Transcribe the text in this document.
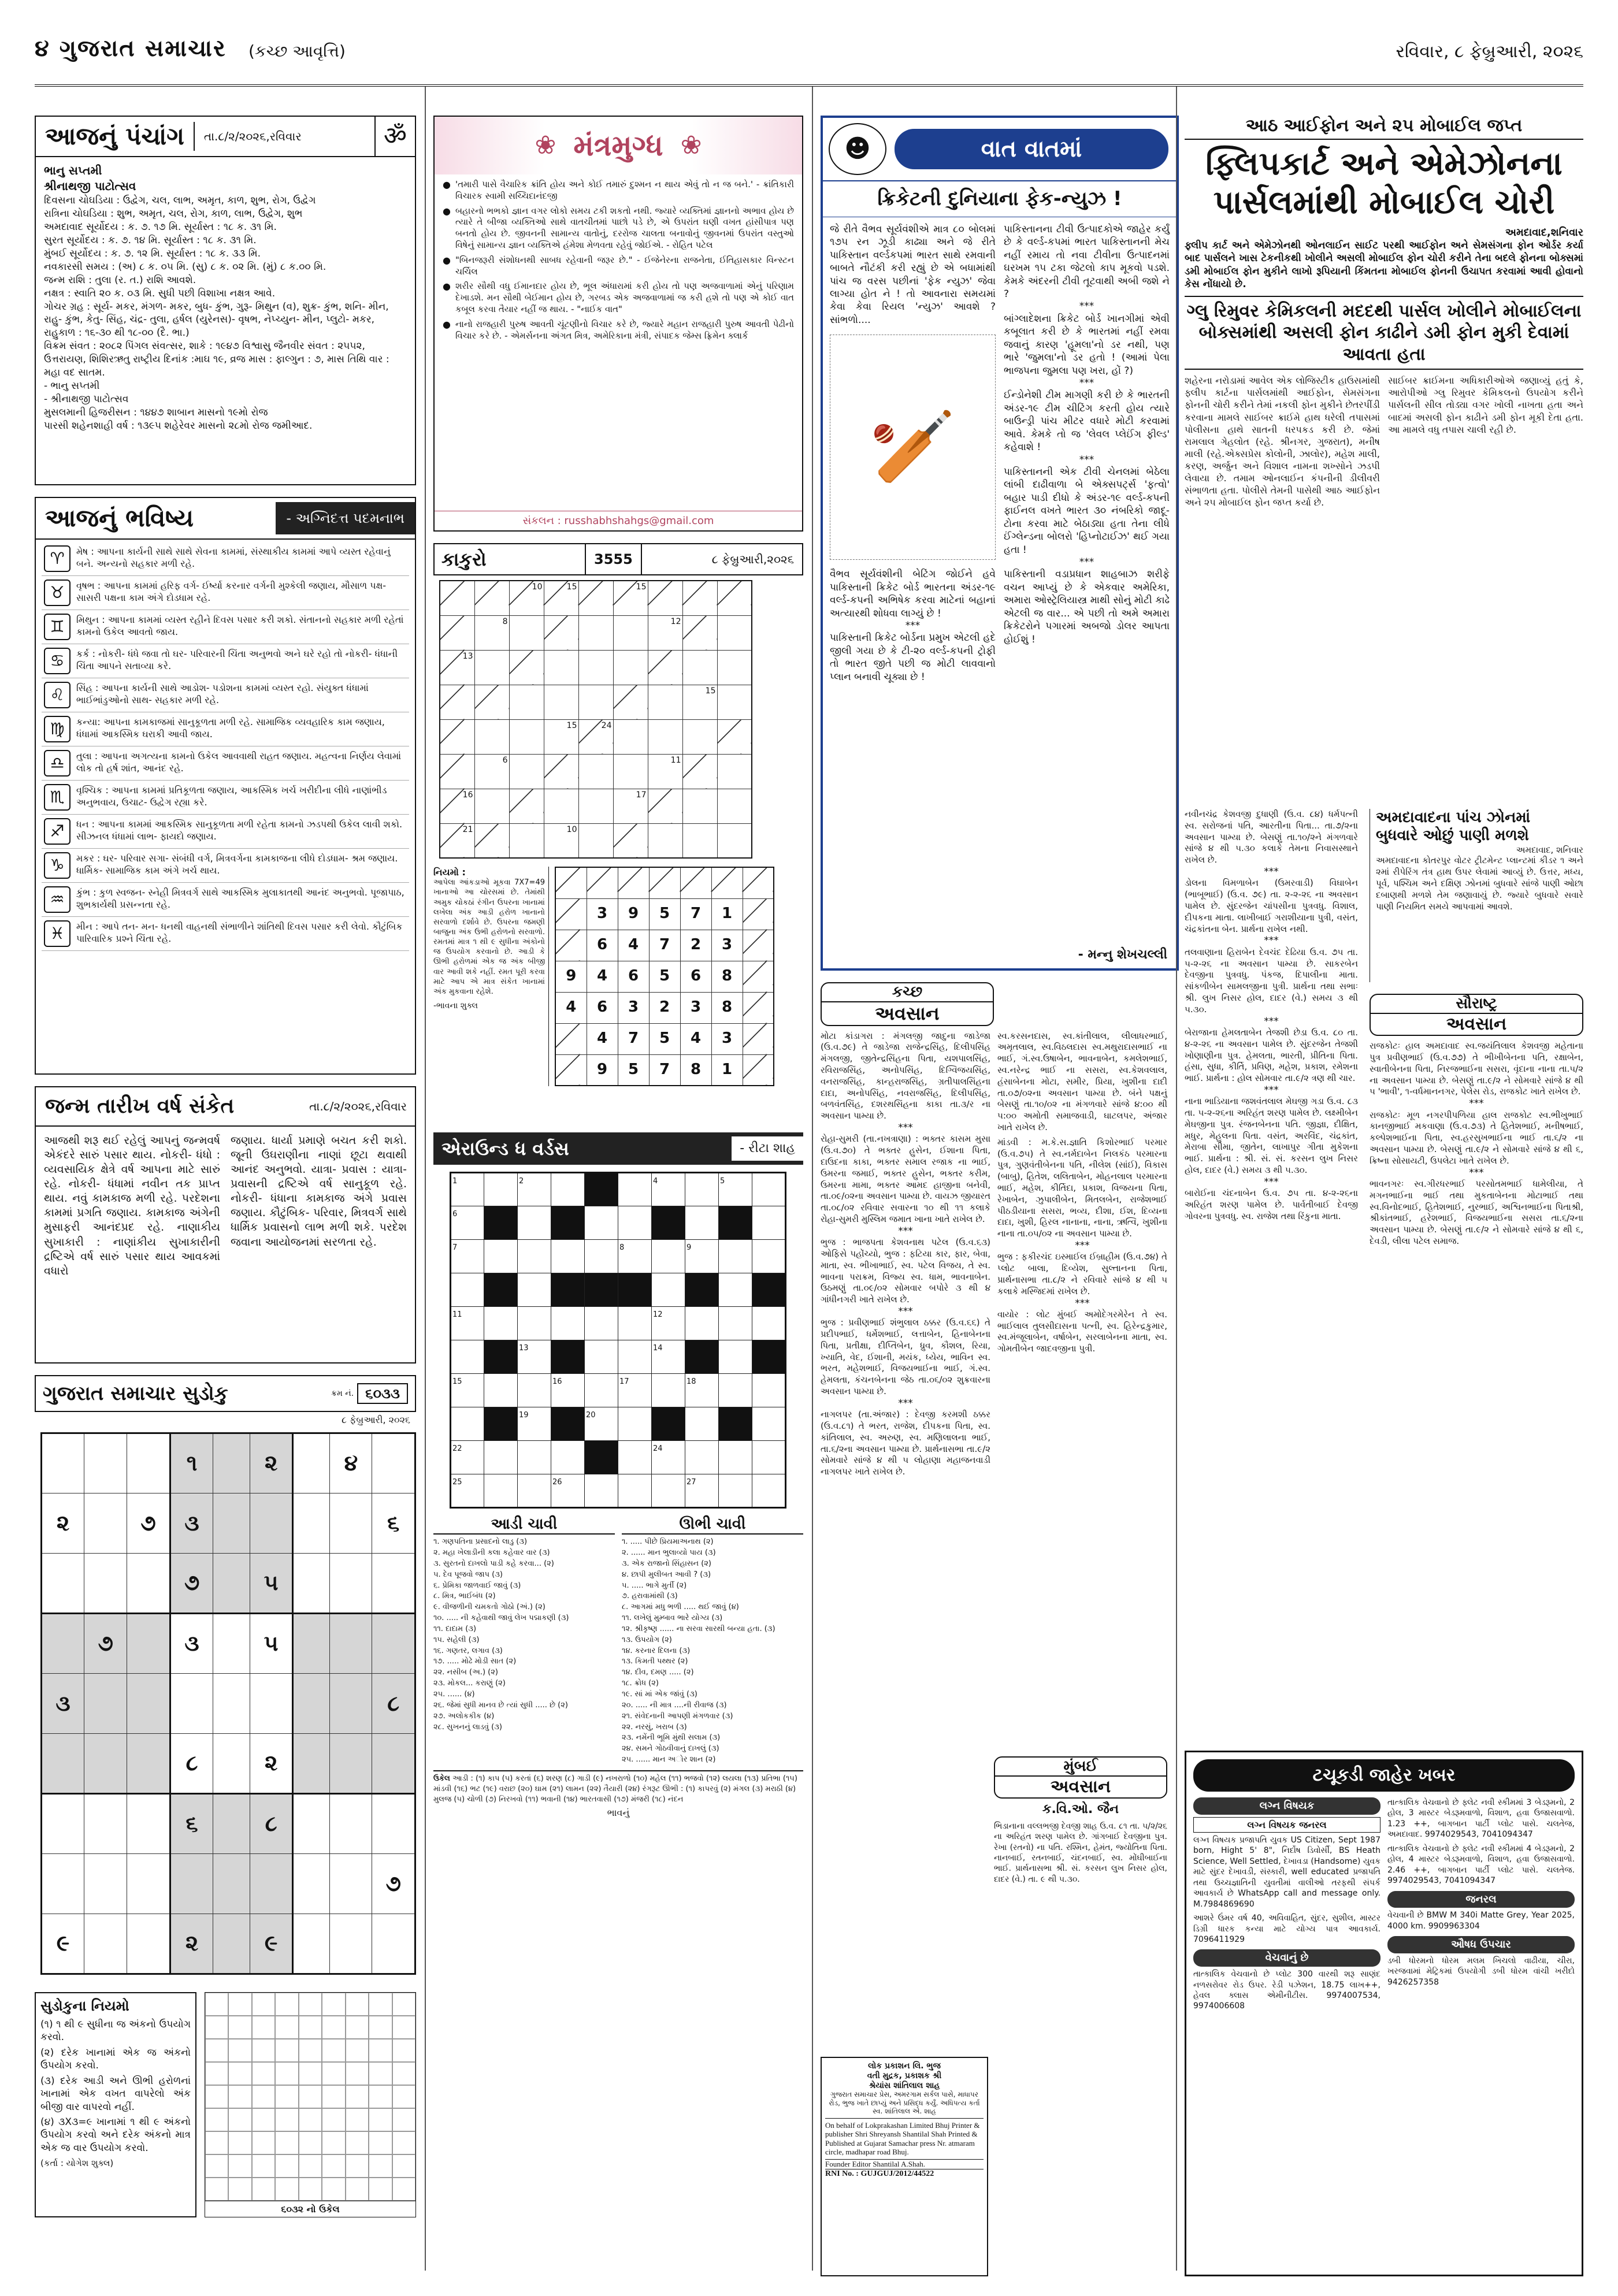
૪ ગુજરાત સમાચાર (કચ્છ આવૃત્તિ)	રવિવાર, ૮ ફેબ્રુઆરી, ૨૦૨૬
આજનું પંચાંગ	તા.૮/૨/૨૦૨૬,રવિવાર	ॐ
ભાનુ સપ્તમી
શ્રીનાથજી પાટોત્સવ
દિવસના ચોઘડિયા : ઉદ્વેગ, ચલ, લાભ, અમૃત, કાળ, શુભ, રોગ, ઉદ્વેગ
રાત્રિના ચોઘડિયા : શુભ, અમૃત, ચલ, રોગ, કાળ, લાભ, ઉદ્વેગ, શુભ
અમદાવાદ સૂર્યોદય : ક. ૭. ૧૭ મિ. સૂર્યાસ્ત : ૧૮ ક. ૩૧ મિ.
સુરત સૂર્યોદય : ક. ૭. ૧૪ મિ. સૂર્યાસ્ત : ૧૮ ક. ૩૧ મિ.
મુંબઈ સૂર્યોદય : ક. ૭. ૧૨ મિ. સૂર્યાસ્ત : ૧૮ ક. ૩૩ મિ.
નવકારસી સમય : (અ) ૮ ક. ૦૫ મિ. (સુ) ૮ ક. ૦૨ મિ. (મું) ૮ ક.૦૦ મિ.
જન્મ રાશિ : તુલા (ર. ત.) રાશિ આવશે.
નક્ષત્ર : સ્વાતિ ૨૦ ક. ૦૩ મિ. સુધી પછી વિશાખા નક્ષત્ર આવે.
ગોચર ગ્રહ : સૂર્ય- મકર, મંગળ- મકર, બુધ- કુંભ, ગુરૂ- મિથુન (વ), શુક્ર- કુંભ, શનિ- મીન, રાહુ- કુંભ, કેતુ- સિંહ, ચંદ્ર- તુલા, હર્ષલ (યુરેનસ)- વૃષભ, નેપ્ચ્યુન- મીન, પ્લુટો- મકર, રાહુકાળ : ૧૬-૩૦ થી ૧૮-૦૦ (દૈ. ભા.)
વિક્રમ સંવત : ૨૦૮૨ પિંગલ સંવત્સર, શાકે : ૧૯૪૭ વિશ્વાસુ જૈનવીર સંવત : ૨૫૫૨, ઉત્તરાયણ, શિશિરઋતુ રાષ્ટ્રીય દિનાંક :માઘ ૧૯, વ્રજ માસ : ફાલ્ગુન : ૭, માસ તિથિ વાર : મહા વદ સાતમ.
- ભાનુ સપ્તમી
- શ્રીનાથજી પાટોત્સવ
મુસલમાની હિજરીસન : ૧૪૪૭ શાબાન માસનો ૧૯મો રોજ
પારસી શહેનશાહી વર્ષ : ૧૩૯૫ શહેરેવર માસનો ૨૮મો રોજ જમીઆદ.
આજનું ભવિષ્ય	- અગ્નિદત્ત પદમનાભ
♈	મેષ : આપના કાર્યની સાથે સાથે સેવના કામમાં, સંસ્થાકીય કામમાં આપે વ્યસ્ત રહેવાનું બને. અન્યનો સહકાર મળી રહે.
♉	વૃષભ : આપના કામમાં હરિફ વર્ગ- ઈર્ષ્યા કરનાર વર્ગની મુશ્કેલી જણાય, મૌસાળ પક્ષ- સાસરી પક્ષના કામ અંગે દોડધામ રહે.
♊	મિથુન : આપના કામમાં વ્યસ્ત રહીને દિવસ પસાર કરી શકો. સંતાનનો સહકાર મળી રહેતાં કામનો ઉકેલ આવતો જાય.
♋	કર્ક : નોકરી- ધંધે જવા તો ઘર- પરિવારની ચિંતા અનુભવો અને ઘરે રહો તો નોકરી- ધંધાની ચિંતા આપને સતાવ્યા કરે.
♌	સિંહ : આપના કાર્યની સાથે આડોશ- પડોશના કામમાં વ્યસ્ત રહો. સંયુક્ત ધંધામાં ભાઈભાંડુઓનો સાથ- સહકાર મળી રહે.
♍	કન્યા: આપના કામકાજમાં સાનુકૂળતા મળી રહે. સામાજિક વ્યવહારિક કામ જણાય, ધંધામાં આકસ્મિક ઘરાકી આવી જાય.
♎	તુલા : આપના અગત્યના કામનો ઉકેલ આવવાથી રાહત જણાય. મહત્વના નિર્ણય લેવામાં લોક તો હર્ષ શાંત, આનંદ રહે.
♏	વૃશ્ચિક : આપના કામમાં પ્રતિકૂળતા જણાય, આકસ્મિક ખર્ચ ખરીદીના લીધે નાણાંભીડ અનુભવાય, ઉચાટ- ઉદ્વેગ રહ્યા કરે.
♐	ધન : આપના કામમાં આકસ્મિક સાનુકૂળતા મળી રહેતા કામનો ઝડપથી ઉકેલ લાવી શકો. સીઝનલ ધંધામાં લાભ- ફાયદો જણાય.
♑	મકર : ઘર- પરિવાર સગા- સંબંધી વર્ગ, મિત્રવર્ગના કામકાજના લીધે દોડધામ- શ્રમ જણાય. ધાર્મિક- સામાજિક કામ અંગે ખર્ચ થાય.
♒	કુંભ : કુળ સ્વજન- સ્નેહી મિત્રવર્ગ સાથે આકસ્મિક મુલાકાતથી આનંદ અનુભવો. પૂજાપાઠ, શુભકાર્યથી પ્રસન્નતા રહે.
♓	મીન : આપે તન- મન- ધનથી વાહનથી સંભાળીને શાંતિથી દિવસ પસાર કરી લેવો. કૌટુંબિક પારિવારિક પ્રશ્ને ચિંતા રહે.
જન્મ તારીખ વર્ષ સંકેત	તા.૮/૨/૨૦૨૬,રવિવાર
આજથી શરૂ થઈ રહેલું આપનું જન્મવર્ષ એકંદરે સારું પસાર થાય. નોકરી- ધંધો : વ્યવસાયિક ક્ષેત્રે વર્ષ આપના માટે સારું રહે. નોકરી- ધંધામાં નવીન તક પ્રાપ્ત થાય. નવું કામકાજ મળી રહે. પરદેશના કામમાં પ્રગતિ જણાય. કામકાજ અંગેની મુસાફરી આનંદપ્રદ રહે. નાણાકીય સુખાકારી : નાણાંકીય સુખાકારીની દ્રષ્ટિએ વર્ષ સારું પસાર થાય આવકમાં વધારો
જણાય. ધાર્યા પ્રમાણે બચત કરી શકો. જૂની ઉઘરાણીના નાણાં છૂટા થવાથી આનંદ અનુભવો. યાત્રા- પ્રવાસ : યાત્રા- પ્રવાસની દ્રષ્ટિએ વર્ષ સાનુકૂળ રહે. નોકરી- ધંધાના કામકાજ અંગે પ્રવાસ જણાય. કૌટુંબિક- પરિવાર, મિત્રવર્ગ સાથે ધાર્મિક પ્રવાસનો લાભ મળી શકે. પરદેશ જવાના આયોજનમાં સરળતા રહે.
ગુજરાત સમાચાર સુડોકુ	ક્રમ નં. ૬૦૩૩
૮ ફેબ્રુઆરી, ૨૦૨૬
			૧		૨		૪	
૨		૭	૩					૬
			૭		૫			
	૭		૩		૫			
૩								૮
			૮		૨			
			૬		૮			
								૭
૯			૨		૯			
સુડોકુના નિયમો
(૧) ૧ થી ૯ સુધીના જ અંકનો ઉપયોગ કરવો.
(૨) દરેક ખાનામાં એક જ અંકનો ઉપયોગ કરવો.
(૩) દરેક આડી અને ઊભી હરોળનાં ખાનામાં એક વખત વાપરેલો અંક બીજી વાર વાપરવો નહીં.
(૪) ૩X૩=૯ ખાનામાં ૧ થી ૯ અંકનો ઉપયોગ કરવો અને દરેક અંકનો માત્ર એક જ વાર ઉપયોગ કરવો.
(કર્તા : યોગેશ શુક્લ)
૬૦૩૨ નો ઉકેલ
❀ મંત્રમુગ્ધ ❀
● 'તમારી પાસે વૈચારિક ક્રાંતિ હોય અને કોઈ તમારું દુશ્મન ન થાય એવું તો ન જ બને.' - ક્રાંતિકારી વિચારક સ્વામી સચ્ચિદાનંદજી
● બહારનો ભભકો જ્ઞાન વગર લોકો સમય ટકી શકતો નથી. જ્યારે વ્યક્તિમાં જ્ઞાનનો અભાવ હોય છે ત્યારે તે બીજા વ્યક્તિઓ સાથે વાતચીતમાં પાછો પડે છે, એ ઉપરાંત ઘણી વખત હાંસીપાત્ર પણ બનતો હોય છે. જીવનની સામાન્ય વાતોનું, દરરોજ ચાલતા બનાવોનું જીવનમાં ઉપરાંત વસ્તુઓ વિષેનું સામાન્ય જ્ઞાન વ્યક્તિએ હંમેશા મેળવતા રહેવું જોઈએ. - રોહિત પટેલ
● "બિનજરૂરી સંશોધનથી સાબધ રહેવાની જરૂર છે." - ઈજેનેરના રાજનેતા, ઈતિહાસકાર વિન્સ્ટન ચર્ચિલ
● શરીર સૌથી વધુ ઈમાનદાર હોય છે, ભૂલ અંધારામાં કરી હોય તો પણ અજવાળામાં એનું પરિણામ દેખાડશે. મન સૌથી બેઈમાન હોય છે, ગરબડ એક અજવાળામાં જ કરી હશે તો પણ એ કોઈ વાત કબૂલ કરવા તૈયાર નહીં જ થાય. - "નાઈક વાત"
● નાનો રાજહારી પુરુષ આવતી ચૂંટણીનો વિચાર કરે છે, જ્યારે મહાન રાજહારી પુરુષ આવતી પેઢીનો વિચાર કરે છે. - એમર્સનના અંગત મિત્ર, અમેરિકાના મંત્રી, સંપાદક જેમ્સ ફ્રિમેન ક્લાર્ક
સંકલન : russhabhshahgs@gmail.com
કાકુરો	3555	૮ ફેબ્રુઆરી,૨૦૨૬

		10	15		15			

	8					12		

13								

							15	

			15	24				

	6					11		

16					17			

21			10					

નિયમો :
આપેલા આંકડાઓ મૂકવા 7X7=49 ખાનાઓ આ ચોરસમાં છે. તેમાંથી અમુક ચોકઠાં રંગીન ઉપરના ખાનામાં લખેલા અંક આડી હરોળ ખાનાનો સરવાળો દર્શાવે છે. ઉપરના જમણી બાજુના અંક ઉભી હરોળનો સરવાળો. રમતમાં માત્ર ૧ થી ૯ સુધીના અંકોનો જ ઉપયોગ કરવાનો છે. આડી કે ઊભી હરોળમાં એક જ અંક બીજી વાર આવી શકે નહીં. રમત પૂરી કરવા માટે આપ એ માત્ર સંકેત ખાનામાં અંક મુકવાના રહેશે.
-ભાવના શુક્લ

	3	9	5	7	1	
	6	4	7	2	3	
9	4	6	5	6	8	
4	6	3	2	3	8	
	4	7	5	4	3	
	9	5	7	8	1	
એરાઉન્ડ ધ વર્ડસ	- રીટા શાહ
1		2				4		5	
6									
7					8		9		

11						12			
		13				14			
15			16		17		18		
		19		20					
22						24			
25			26				27		
આડી ચાવી
૧. ગણપતિના પ્રસાદનો લાડુ (૩)
૨. મહા ખેલાડીની કલા કહેવાર વાર (૩)
૩. સુરતનો દાખલો પાડી કહે કરવા... (૨)
૫. દેવ પૂજવો જાપ (૩)
૬. પ્રેમિકા જાળવાઈ જાવું (૩)
૮. મિત્ર, ભાઈબંધ (૨)
૯. વીજળીની ચમકતો ગોઠો (અં.) (૨)
૧૦. ..... ની કહેવાથી જાવું લેખ પદ્માકણી (૩)
૧૧. દાદામ (૩)
૧૫. સહેલી (૩)
૧૬. ગણતર, લગાવ (૩)
૧૭. ..... મોઢે મોડી સાત (૨)
૨૨. નસીબ (અ.) (૨)
૨૩. મોકલ... કરાણું (૨)
૨૫. ...... (૪)
૨૬. જેમાં સુધી માનવ છે ત્યાં સુધી ..... છે (૨)
૨૭. અલોકકીક (૪)
૨૮. સુખનનું લાડવું (૩)
ઊભી ચાવી
૧. ..... પીછે પ્રિયમાઅનાથ (૨)
૨. ...... માન ભુલાવ્યો પાય (૩)
૩. એક રાજાનો સિંહાસન (૨)
૪. છાપી મુલીબત આવી ? (૩)
૫. ..... ભાગે મુર્તી (૨)
૭. હરાવામાંથી (૩)
૮. આગમાં મધુ ભળી ..... થઈ જાવું (૪)
૧૧. લખેલું મુમ્બાવ ભારે યોગ્ય (૩)
૧૨. શ્રીકૃષ્ણ ...... ના સરવા સારથી બન્યા હતા. (૩)
૧૩. ઉપયોગ (૨)
૧૪. કરનાર દિલના (૩)
૧૩. કિમતી પથ્થર (૨)
૧૪. દીવ, દમણ ..... (૨)
૧૮. ક્રોધ (૨)
૧૯. સાં માં એક જાંવું (૩)
૨૦. ..... ની માત્ર ....ની રીવાજ (૩)
૨૧. સંવેદનાની આપણી મંગળવાર (૩)
૨૨. નરસું, ખરાબ (૩)
૨૩. નમેંની ભૂમિ મુંથી સલામ (૩)
૨૪. સમને ગોઠવીવાનું દાખલું (૩)
૨૫. ...... માન અોર શાન (૨)
ઉકેલ આડી : (૧) કાપ (૫) કરતાં (૬) શરણ (૮) ગાડી (૯) નખરાળો (૧૦) મહેલ (૧૧) ભજવો (૧૨) લયલા (૧૩) પ્રતિભા (૧૫) માંડવી (૧૬) ભટ (૧૯) વરાછ (૨૦) ઘામ (૨૧) લામન (૨૨) તૈયારી (૨૪) રંગરૂટ ઊભી : (૧) કાપરવું (૨) મંગલ (૩) મરાઠી (૪) મુલજ (૫) ચોળી (૭) નિરખવો (૧૧) ભવાની (૧૪) ભારતવાસી (૧૭) મંજરી (૧૮) નંદન
ભાવનું
☻	વાત વાતમાં
ક્રિકેટની દુનિયાના ફેક-ન્યુઝ !
જે રીતે વૈભવ સૂર્યવંશીએ માત્ર ૮૦ બોલમાં ૧૭૫ રન ઝૂડી કાઢ્યા અને જે રીતે પાકિસ્તાન વર્લ્ડકપમાં ભારત સાથે રમવાની બાબતે નૌટંકી કરી રહ્યું છે એ બધામાંથી પાંચ જ વરસ પછીનાં 'ફેક ન્યુઝ' જેવા લાગ્યા હોત ને ! તો આવનારા સમયમાં કેવા કેવા રિયલ 'ન્યુઝ' આવશે ? સાંભળો....
🏏
વૈભવ સૂર્યવંશીની બેટિંગ જોઈને હવે પાકિસ્તાની ક્રિકેટ બોર્ડ ભારતના અંડર-૧૯ વર્લ્ડ-કપની અભિષેક કરવા માટેનાં બહાનાં અત્યારથી શોધવા લાગ્યું છે !
***
પાકિસ્તાની ક્રિકેટ બોર્ડના પ્રમુખ એટલી હદે જીલી ગયા છે કે ટી-૨૦ વર્લ્ડ-કપની ટ્રોફી તો ભારત જીતે પછી જ મોટી લાવવાનો પ્લાન બનાવી ચૂક્યા છે !
પાકિસ્તાનના ટીવી ઉત્પાદકોએ જાહેર કર્યું છે કે વર્લ્ડ-કપમાં ભારત પાકિસ્તાનની મેચ નહીં રમાય તો નવા ટીવીના ઉત્પાદનમાં ઘરખમ ૧૫ ટકા જેટલો કાપ મૂકવો પડશે. કેમકે અંદરની ટીવી તૂટવાથી અબી જશે ને ?
***
બાંગ્લાદેશના ક્રિકેટ બોર્ડ ખાનગીમાં એવી કબૂલાત કરી છે કે ભારતમાં નહીં રમવા જવાનું કારણ 'હૂમલા'નો ડર નથી, પણ ભારે 'જુમલા'નો ડર હતો ! (આમાં પેલા ભાજપના જુમલા પણ ખરા, હોં ?)
***
ઈન્ડોનેશી ટીમ માગણી કરી છે કે ભારતની અંડર-૧૯ ટીમ ચીટિંગ કરતી હોય ત્યારે બાઉન્ડ્રી પાંચ મીટર વધારે મોટી કરવામાં આવે. કેમકે તો જ 'લેવલ પ્લેઈંગ ફીલ્ડ' કહેવાશે !
***
પાકિસ્તાનની એક ટીવી ચેનલમાં બેઠેલા લાંબી દાઢીવાળા બે એક્સપર્ટ્સ 'ફત્વો' બહાર પાડી દીધો કે અંડર-૧૯ વર્લ્ડ-કપની ફાઈનલ વખતે ભારત ૩૦ નંબરિકો જાદૂ-ટોના કરવા માટે બેઠાડ્યા હતા તેના લીધે ઈંગ્લેન્ડના બોલરો 'હિપ્નોટાઈઝ' થઈ ગયા હતા !
***
પાકિસ્તાની વડાપ્રધાન શાહબાઝ શરીફે વચન આપ્યું છે કે એકવાર અમેરિકા, અમારા ઓસ્ટ્રેલિયાસ્ત્ર માથી સોનું મોટી કાઢે એટલી જ વાર... એ પછી તો અમે અમારા ક્રિકેટરોને પગારમાં અબજો ડોલર આપતા હોઈશું !
- મન્નુ શેખચલ્લી
કચ્છ
અવસાન
મોટા કાંડાગરા : મંગલજી જાદુના જાડેજા (ઉ.વ.૭૯) તે જાડેજા રાજેન્દ્રસિંહ, દિલીપસિંહ મંગલજી, જીતેન્દ્રસિંહના પિતા, યશપાલસિંહ, રવિરાજસિંહ, અનોપસિંહ, દિગ્વિજયસિંહ, વનરાજસિંહ, કાન્હરાજસિંહ, ગ્રતીપાલસિંહના દાદા, અનોપસિંહ, નવરાજસિંહ, દિલીપસિંહ, બળવંતસિંહ, દશરથસિંહના કાકા તા.૩/ર ના અવસાન પામ્યા છે.
***
રોહા-સુમરી (તા.નખત્રાણા) : ભક્તર કાસમ મુસા (ઉ.વ.૭૦) તે ભક્તર હુસેન, ઈશાના પિતા, દાઉદના કાકા, ભક્તર સમાલ રજાક ના ભાઈ, ઉમરના જમાઈ, ભક્તર હુસેન, ભક્તર કરીમ, ઉમરના મામા, ભક્તર આમદ હાજીના બનેવી, તા.૦૯/૦૨ના અવસાન પામ્યા છે. વાયઝ જીયારત તા.૦૮/૦૨ રવિવાર સવારના ૧૦ થી ૧૧ કલાકે રોહા-સુમરી મુસ્લિમ જમાત ખાના ખાતે રાખેલ છે.
***
ભુજ : ભાજપતા કેશવનાથ પટેલ (ઉ.વ.૬૩) ઓફિસે પહોંચ્યો, ભુજ : ફટિયા કાર, ફાર, બેવા, માતા, સ્વ. ભીખાભાઈ, સ્વ. પટેલ વિજય, તે સ્વ. ભાવના પરાક્રમ, વિજ્ય સ્વ. ધામ, ભાવનાબેન. ઉઠમણું તા.૦૯/૦૨ સોમવાર બપોરે ૩ થી ૪ ગાંધીનગરી ખાતે રાખેલ છે.
***
ભુજ : પ્રવીણભાઈ શંભુલાલ ઠક્કર (ઉ.વ.૬૬) તે પ્રદીપભાઈ, ધર્મેશભાઈ, લત્તાબેન, હિનાબેનના પિતા, પ્રતીક્ષા, દીપ્તિબેન, ધ્રુવ, કૌશલ, રિયા, ખ્યાતિ, વેદ, ઈશાની, મયંક, ધ્યેય, ભાવિન સ્વ. ભરત, મહેશભાઈ, વિજયભાઈના ભાઈ, ગં.સ્વ. હેમલતા, કંચનબેનના જેઠ તા.૦૬/૦૨ શુક્રવારના અવસાન પામ્યા છે.
***
નાગલપર (તા.અંજાર) : દેવજી કરમશી ઠક્કર (ઉ.વ.૮૧) તે ભરત, રાજેશ, દીપકના પિતા, સ્વ. કાંતિલાલ, સ્વ. અરુણ, સ્વ. મણિલાલના ભાઈ, તા.૬/૨ના અવસાન પામ્યા છે. પ્રાર્થનાસભા તા.૯/૨ સોમવારે સાંજે ૪ થી ૫ લોહાણા મહાજનવાડી નાગલપર ખાતે રાખેલ છે.
સ્વ.કરસનદાસ, સ્વ.કાંતીલાલ, લીલાધરભાઈ, અમૃતલાલ, સ્વ.વિઠલદાસ સ્વ.મથુરાદાસભાઈ ના ભાઈ, ગં.સ્વ.ઉષાબેન, ભાવનાબેન, કમલેશભાઈ, સ્વ.નરેન્દ્ર ભાઈ ના સસરા, સ્વ.કેશવલાલ, હંસાબેનના મોટા, સમીર, પ્રિયા, ખુશીના દાદી તા.૦૭/૦૨ના અવસાન પામ્યા છે. બંને પક્ષનું બેસણું તા.૧૦/૦૨ ના મંગળવારે સાંજે ૪:૦૦ થી ૫:૦૦ અમોતી સમાજવાડી, ઘાટલપર, અંજાર ખાતે રાખેલ છે.
માંડવી : મ.કે.સ.જ્ઞાતિ કિશોરભાઈ પરમાર (ઉ.વ.૭૫) તે સ્વ.નર્મદાબેન નિલકંઠ પરમારના પુત્ર, ગુણવંતીબેનના પતિ, નીલેશ (સાંઈ), વિકાસ (બાબુ), હિતેશ, લલિતાબેન, મોહનલાલ પરમારના ભાઈ, મહેશ, કીર્તિદા, પ્રકાશ, વિજયના પિતા, રેખાબેન, ઝુપાલીબેન, મિતલબેન, રાજેશભાઈ પીઠડીયાના સસરા, ભવ્ય, દીશા, ઈશ, દિવ્યના દાદા, ખુશી, હિરલ નાનાના, નાના, ઋત્વિ, ખુશીના નાના તા.૦૫/૦૨ ના અવસાન પામ્યા છે.
***
ભુજ : ફકીરચંદ ઇસ્માઈલ ઈબ્રાહીમ (ઉ.વ.૭૪) તે પ્લોટ બાલા, દિવ્યેશ, સુલ્તાનના પિતા, પ્રાર્થનાસભા તા.૮/૨ ને રવિવારે સાંજે ૪ થી ૫ કલાકે મસ્જિદમાં રાખેલ છે.
***
વાયોર : લોટ મુંબઈ અમોદેગરમેરેન તે સ્વ. ભાઈલાલ તુલસીદાસના પત્ની, સ્વ. હિરેન્દ્રકુમાર, સ્વ.મંજૂલાબેન, વર્ષાબેન, સરલાબેનના માતા, સ્વ. ગોમતીબેન જાદવજીના પુત્રી.
મુંબઈ
અવસાન
ક.વિ.ઓ. જૈન
ભિડાનાના વલ્લભજી દેવજી શાહ ઉ.વ. ૮૧ તા. ૫/૨/૨૬ ના અરિહંત શરણ પામેલ છે. ગાંગબાઈ દેવજીના પુત્ર. રેખા (રતનો) ના પતિ. રશ્મિન, હેમંત, જ્યોતિના પિતા. નાનબાઈ, રતનબાઈ, ચંદનબાઈ, સ્વ. મોંઘીબાઈના ભાઈ. પ્રાર્થનાસભા શ્રી. સં. કરસન લુખ નિસર હોલ, દાદર (વે.) તા. ૯ થી ૫.૩૦.
લોક પ્રકાશન લિ. ભુજ
વતી મુદ્રક, પ્રકાશક શ્રી
શ્રેયાંસ શાંતિલાલ શાહ
ગુજરાત સમાચાર પ્રેસ, અમરગામ સર્કલ પાસે, માધાપર રોડ, ભુજ ખાતે છાપ્યું અને પ્રસિદ્ધ કર્યું. અધિપત્ય કર્તા સ્વ. શાંતિલાલ એ. શાહ
On behalf of Lokprakashan Limited Bhuj Printer & publisher Shri Shreyansh Shantilal Shah Printed & Published at Gujarat Samachar press Nr. atmaram circle, madhapar road Bhuj.
Founder Editor Shantilal A.Shah.
RNI No. : GUJGUJ/2012/44522
આઠ આઈફોન અને ૨૫ મોબાઈલ જપ્ત
ફ્લિપકાર્ટ અને એમેઝોનના
પાર્સલમાંથી મોબાઈલ ચોરી
અમદાવાદ,શનિવાર
ફ્લીપ કાર્ટ અને એમેઝોનથી ઓનલાઈન સાઈટ પરથી આઈફોન અને સેમસંગના ફોન ઓર્ડર કર્યા બાદ પાર્સલને ખાસ ટેકનીકથી ખોલીને અસલી મોબાઈલ ફોન ચોરી કરીને તેના બદલે ફોનના બોક્સમાં ડમી મોબાઈલ ફોન મુકીને લાખો રૂપિયાની કિંમતના મોબાઈલ ફોનની ઉચાપત કરવામાં આવી હોવાનો કેસ નોંધાયો છે.
ગ્લુ રિમુવર કેમિકલની મદદથી પાર્સલ ખોલીને મોબાઈલના બોક્સમાંથી અસલી ફોન કાઢીને ડમી ફોન મુકી દેવામાં આવતા હતા
શહેરના નરોડામાં આવેલ એક લોજિસ્ટીક હાઉસમાંથી ફ્લીપ કાર્ટના પાર્સલમાંથી આઈફોન, સેમસંગના ફોનની ચોરી કરીને તેમાં નકલી ફોન મુકીને છેતરપીંડી કરવાના મામલે સાઈબર ક્રાઈમે હાથ ધરેલી તપાસમાં પોલીસના હાથે સાતની ધરપકડ કરી છે. જેમાં રામલાલ ગેહલોત (રહે. શ્રીનગર, ગુજરાત), મનીષ માલી (રહે.એક્સપ્રેસ કોલોની, ઝાલોર), મહેશ માલી, કરણ, અર્જુન અને વિશાલ નામના શખ્સોને ઝડપી લેવાયા છે. તમામ ઓનલાઈન કંપનીની ડીલીવરી સંભાળતા હતા. પોલીસે તેમની પાસેથી આઠ આઈફોન અને ૨૫ મોબાઈલ ફોન જપ્ત કર્યા છે.
સાઈબર ક્રાઈમના અધિકારીઓએ જણાવ્યું હતું કે, આરોપીઓ ગ્લુ રિમુવર કેમિકલનો ઉપયોગ કરીને પાર્સલની સીલ તોડ્યા વગર ખોલી નાખતા હતા અને બાદમાં અસલી ફોન કાઢીને ડમી ફોન મૂકી દેતા હતા. આ મામલે વધુ તપાસ ચાલી રહી છે.
અમદાવાદના પાંચ ઝોનમાં
બુધવારે ઓછું પાણી મળશે
અમદાવાદ, શનિવાર
અમદાવાદના કોતરપુર વોટર ટ્રીટમેન્ટ પ્લાન્ટમાં કીડર ૧ અને ૨માં રીપેરિંગ તંત્ર હાથ ઉપર લેવામાં આવ્યું છે. ઉત્તર, મધ્ય, પૂર્વ, પશ્ચિમ અને દક્ષિણ ઝોનમાં બુધવારે સાંજે પાણી ઓછા દબાણથી મળશે તેમ જણાવાયું છે. જ્યારે બુધવારે સવારે પાણી નિયમિત સમયે આપવામાં આવશે.
નવીનચંદ્ર કેશવજી દુધાણી (ઉ.વ. ૮૪) ધર્મપત્ની સ્વ. સરોજનાં પતિ, આરતીના પિતા... તા.૭/૨ના અવસાન પામ્યા છે. બેસણું તા.૧૦/૨ને મંગળવારે સાંજે ૪ થી ૫.૩૦ કલાકે તેમના નિવાસસ્થાને રાખેલ છે.
***
ડોલના વિમળાબેન (ઉમરવાડી) વિઘાબેન (ભાબૂભાઈ) (ઉ.વ. ૭૯) તા. ૨-૨-૨૬ ના અવસાન પામેલ છે. સુંદરજેન ચાંપસીના પુત્રવધુ. વિશાલ, દીપકના માતા. લાખીબાઈ ગરાશીયાના પુત્રી, વસંત, ચંદ્રકાંતના બેન. પ્રાર્થના રાખેલ નથી.
***
તલવાણાના હિરાબેન દેવચંદ દેઢિયા ઉ.વ. ૭૫ તા. ૫-૨-૨૬ ના અવસાન પામ્યા છે. સાકરબેન દેવજીના પુત્રવધુ. પંકજ, દિપાલીના માતા. સાંકળીબેન સામલજીના પુત્રી. પ્રાર્થના તથા સભાઃ શ્રી. લુખ નિસર હોલ, દાદર (વે.) સમય ૩ થી ૫.૩૦.
***
બેરાજાના હેમલતાબેન તેજશી છેડા ઉ.વ. ૮૦ તા. ૪-૨-૨૬ ના અવસાન પામેલ છે. સુંદરજેન તેજશી ખોણાણીના પુત્ર. હેમલતા, ભારતી, પ્રીતિના પિતા. હંસા, સુધા, કીર્તિ, પ્રવિણ, મહેશ, પ્રકાશ, રમેશના ભાઈ. પ્રાર્થના : હોલ સોમવાર તા.૯/૨ ત્રણ થી ચાર.
***
નાના ભાડિયાના જશવંતલાલ મેઘજી ગડા ઉ.વ. ૮૩ તા. ૫-૨-૨૬ના અરિહંત શરણ પામેલ છે. લક્ષ્મીબેન મેઘજીના પુત્ર. રંજનબેનના પતિ. જીજ્ઞા, દીક્ષિત, મધુર, મેહુલના પિતા. વસંત, અરવિંદ, ચંદ્રકાંત, મેરાબા સીમા, જીતેન, લાખાપુર ગીતા મુકેશના ભાઈ. પ્રાર્થના : શ્રી. સં. સં. કરસન લુખ નિસર હોલ, દાદર (વે.) સમય ૩ થી ૫.૩૦.
***
બારોઈના ચંદનાબેન ઉ.વ. ૭૫ તા. ૪-૨-૨૬ના અરિહંત શરણ પામેલ છે. પાર્વતીબાઈ દેવજી ગોવરના પુત્રવધુ. સ્વ. રાજેશ તથા રિંકુના માતા.
સૌરાષ્ટ્ર
અવસાન
રાજકોટઃ હાલ અમદાવાદ સ્વ.જયંતિલાલ કેશવજી મહેતાના પુત્ર પ્રવીણભાઈ (ઉ.વ.૭૭) તે ભીખીબેનના પતિ, રક્ષાબેન, સ્વાતીબેનના પિતા, નિરજભાઈના સસરા, વૃંદાના નાના તા.૫/૨ ના અવસાન પામ્યા છે. બેસણું તા.૯/૨ ને સોમવારે સાંજે ૪ થી ૫ 'ભાવી', ૧-વર્ધમાનનગર, પેલેસ રોડ, રાજકોટ ખાતે રાખેલ છે.
***
રાજકોટઃ મૂળ નગરપીપળિયા હાલ રાજકોટ સ્વ.ભીખુભાઈ કાનજીભાઈ મકવાણા (ઉ.વ.૭૩) તે હિતેશભાઈ, મનીષભાઈ, કલ્પેશભાઈના પિતા, સ્વ.હરસુખભાઈના ભાઈ તા.૬/૨ ના અવસાન પામ્યા છે. બેસણું તા.૯/૨ ને સોમવારે સાંજે ૪ થી ૬, ક્રિષ્ના સોસાયટી, ઉપલેટા ખાતે રાખેલ છે.
***
ભાવનગરઃ સ્વ.ગીરધરભાઈ પરસોતમભાઈ ધામેલીયા, તે મગનભાઈના ભાઈ તથા મુકતાબેનના મોટાભાઈ તથા સ્વ.વિનોદભાઈ, હિતેશભાઈ, નુરભાઈ, અશ્વિનભાઈના પિતાશ્રી, શ્રીકાંતભાઈ, હરેશભાઈ, વિજયભાઈના સસરા તા.૬/૨ના અવસાન પામ્યા છે. બેસણું તા.૯/૨ ને સોમવારે સાંજે ૪ થી ૬, દેવડી, લીલા પટેલ સમાજ.
ટચૂકડી જાહેર ખબર
લગ્ન વિષયક
લગ્ન વિષયક જનરલ
લગ્ન વિષયક પ્રજાપતિ યુવક US Citizen, Sept 1987 born, Hight 5' 8", નિર્દોષ ડિવોર્સી, BS Heath Science, Well Settled, દેખાવડા (Handsome) યુવક માટે સુંદર દેખાવડી, સંસ્કારી, well educated પ્રજાપતિ તથા ઉચ્ચજ્ઞાતિની યુવતીમાં વાલીઓ તરફથી સંપર્ક આવકાર્ય છે WhatsApp call and message only. M.7984869690
આશરે ઉંમર વર્ષ 40, અવિવાહિત, સુંદર, સુશીલ, માસ્ટર ડિગ્રી ધારક કન્યા માટે યોગ્ય પાત્ર આવકાર્ય. 7096411929
વેચવાનું છે
તાત્કાલિક વેચવાનો છે પ્લોટ 300 વારથી શરૂ સાણંદ નળસરોવર રોડ ઉપર. રેડી પઝેશન, 18.75 લાખ++, હેવલ ક્લાસ એમીનીટીસ. 9974007534, 9974006608
તાત્કાલિક વેચવાનો છે ફ્લેટ નવી સ્કીમમાં 3 બેડરૂમનો, 2 હોલ, 3 માસ્ટર બેડરૂમવાળો, વિશાળ, હવા ઉજાસવાળો. 1.23 ++, બાગબાન પાર્ટી પ્લોટ પાસે. ચલતેજ, અમદાવાદ. 9974029543, 7041094347
તાત્કાલિક વેચવાનો છે ફ્લેટ નવી સ્કીમમાં 4 બેડરૂમનો, 2 હોલ, 4 માસ્ટર બેડરૂમવાળો, વિશાળ, હવા ઉજાસવાળો. 2.46 ++, બાગબાન પાર્ટી પ્લોટ પાસે. ચલતેજ. 9974029543, 7041094347
જનરલ
વેચવાની છે BMW M 340i Matte Grey, Year 2025, 4000 km. 9909963304
ઔષધ ઉપચાર
ડબી ધોરમનો ધોરમ મલમ ખિચલો વાઢીયા, ચીરા, ખરજવામાં મેટ્રિકમાં ઉપયોગી ડબી ધોરમ વાંચી ખરીદો 9426257358
